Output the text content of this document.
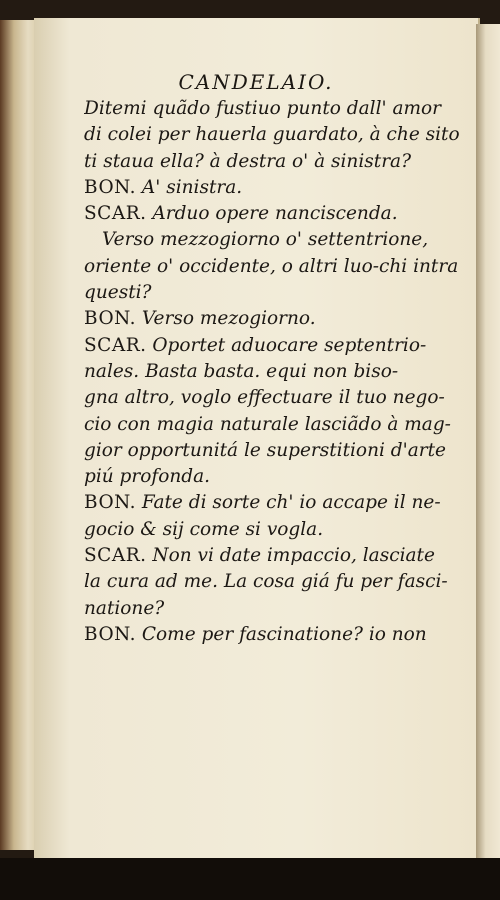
CANDELAIO.
Ditemi quãdo fustiuo punto dall' amor
di colei per hauerla guardato, à che sito
ti staua ella? à destra o' à sinistra?
BON. A' sinistra.
SCAR. Arduo opere nanciscenda.
Verso mezzogiorno o' settentrione,
oriente o' occidente, o altri luo-chi intra
questi?
BON. Verso mezogiorno.
SCAR. Oportet aduocare septentrio-
nales. Basta basta. equi non biso-
gna altro, voglo effectuare il tuo nego-
cio con magia naturale lasciãdo à mag-
gior opportunitá le superstitioni d'arte
piú profonda.
BON. Fate di sorte ch' io accape il ne-
gocio & sij come si vogla.
SCAR. Non vi date impaccio, lasciate
la cura ad me. La cosa giá fu per fasci-
natione?
BON. Come per fascinatione? io non
